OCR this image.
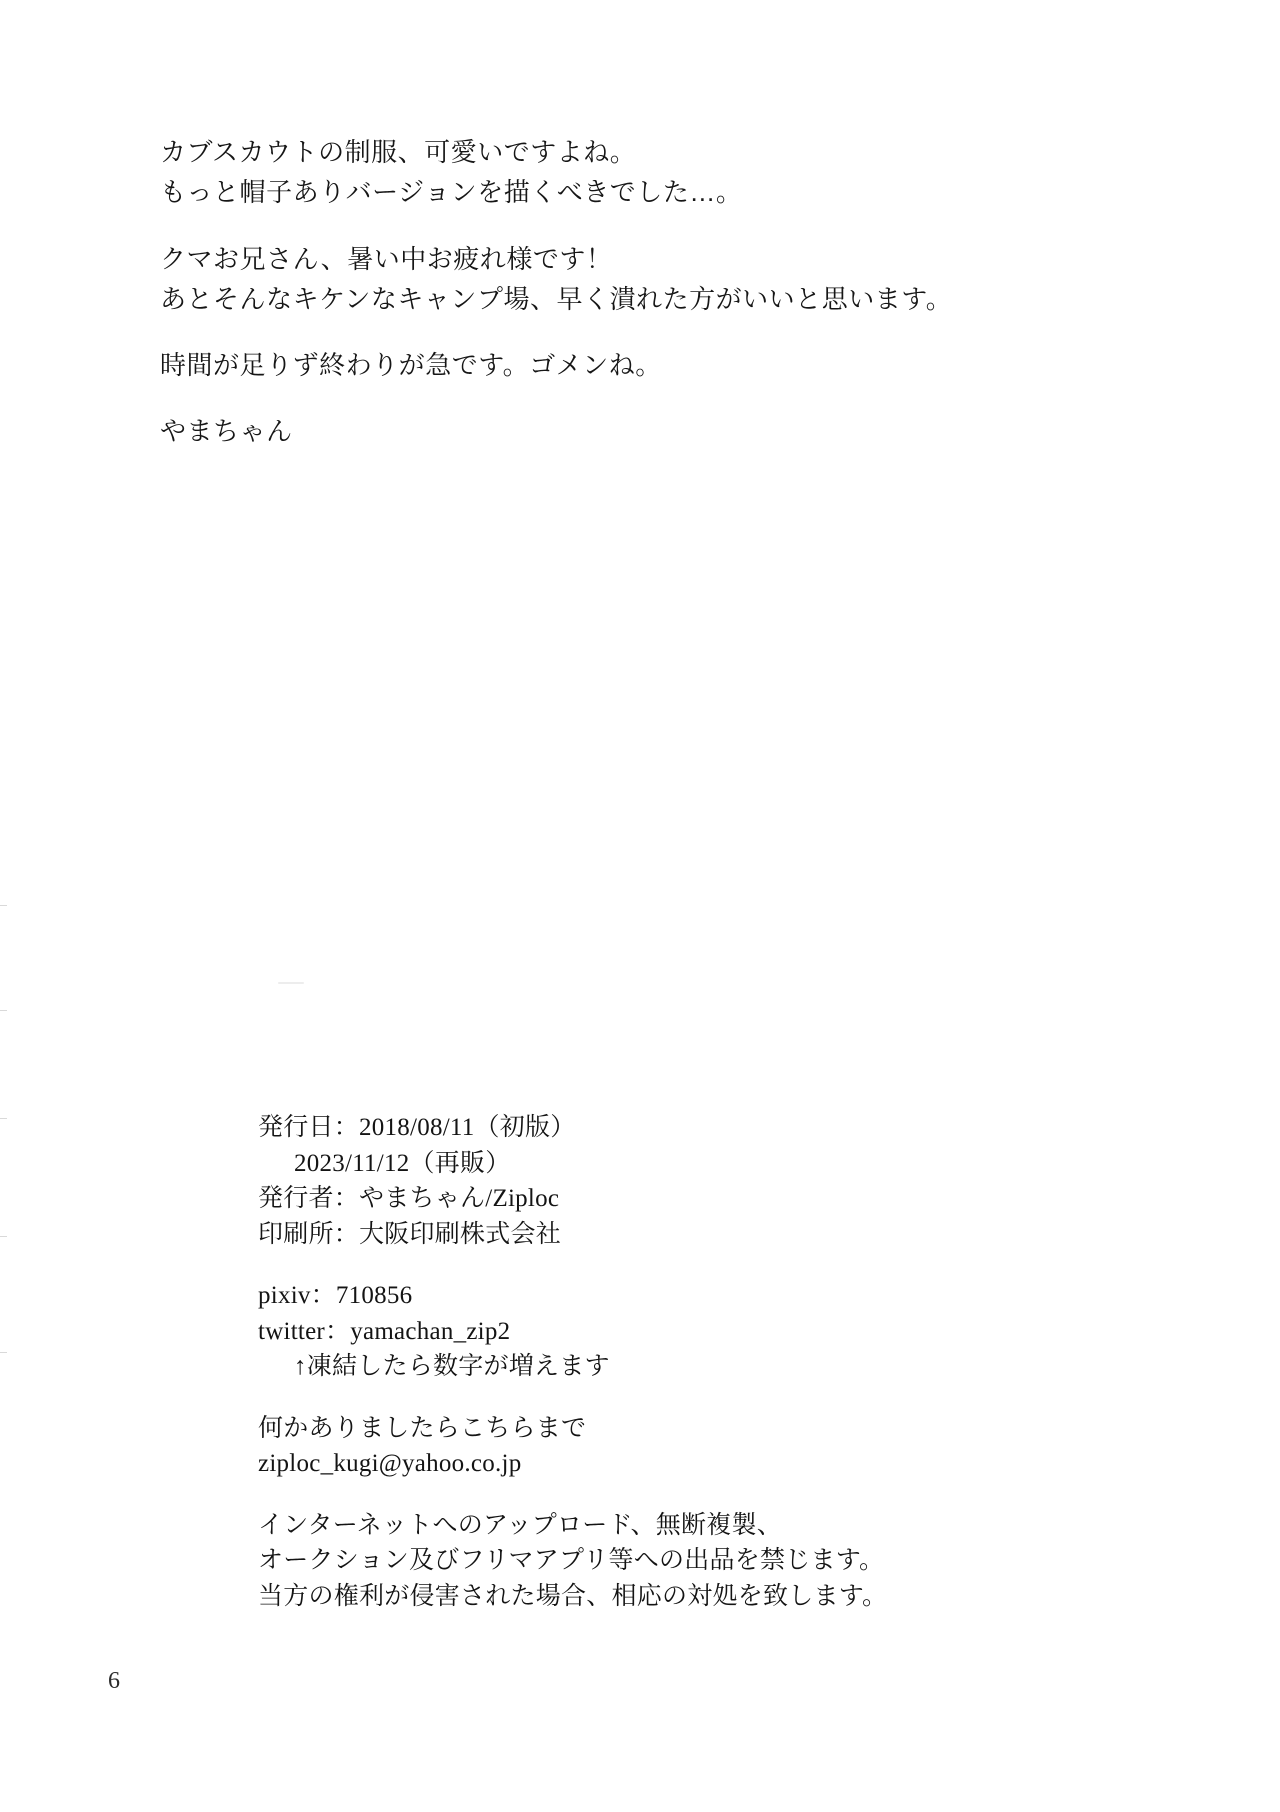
カブスカウトの制服、可愛いですよね。

もっと帽子ありバージョンを描くべきでした…。

クマお兄さん、暑い中お疲れ様です！

あとそんなキケンなキャンプ場、早く潰れた方がいいと思います。

時間が足りず終わりが急です。ゴメンね。

やまちゃん
発行日：2018/08/11（初版）
2023/11/12（再販）
発行者：やまちゃん/Ziploc
印刷所：大阪印刷株式会社
pixiv：710856
twitter：yamachan_zip2
↑凍結したら数字が増えます
何かありましたらこちらまで
ziploc_kugi@yahoo.co.jp
インターネットへのアップロード、無断複製、
オークション及びフリマアプリ等への出品を禁じます。
当方の権利が侵害された場合、相応の対処を致します。
6
